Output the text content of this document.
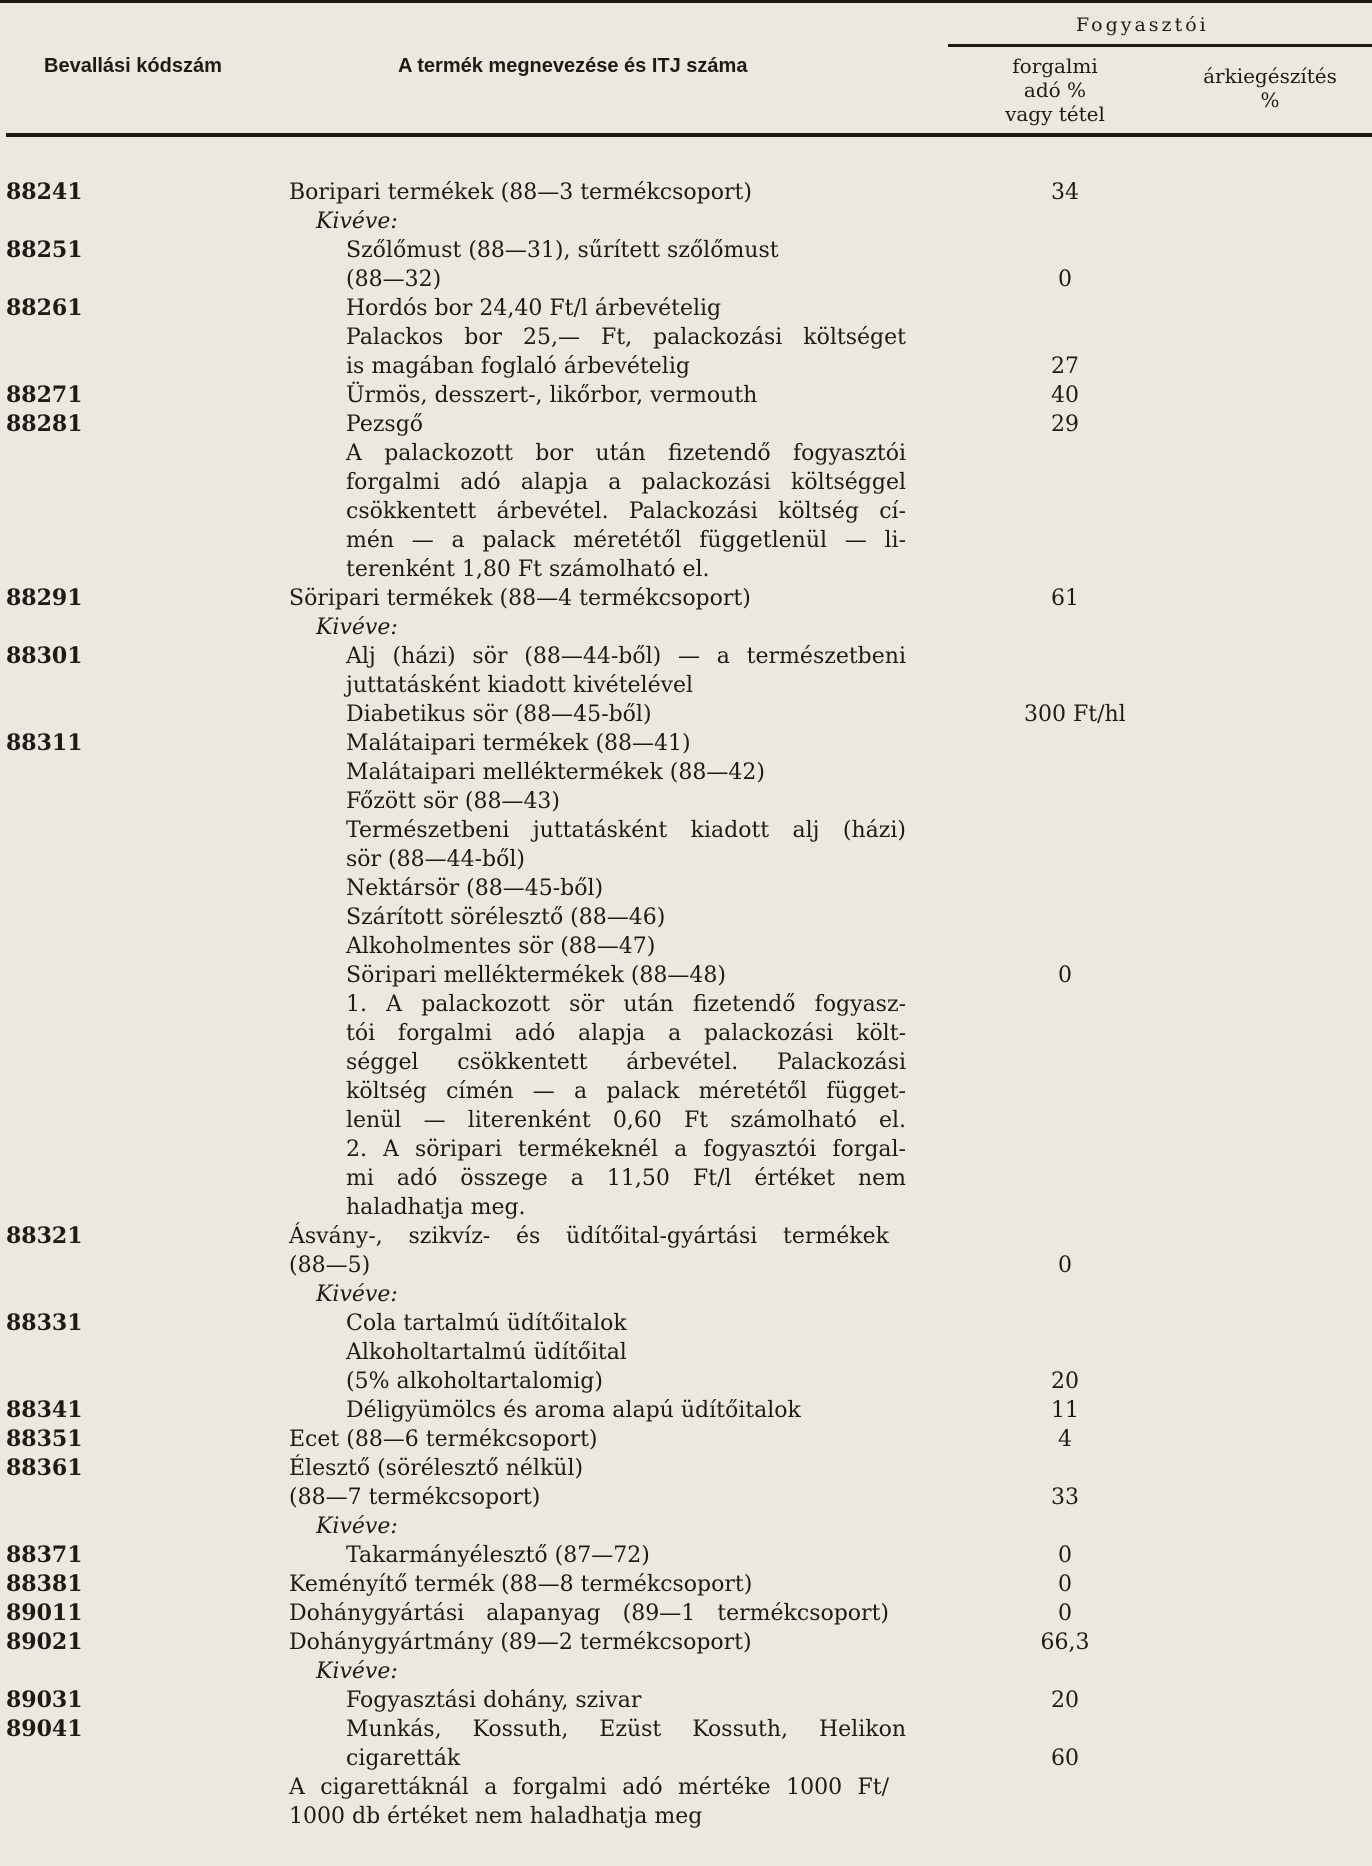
Bevallási kódszám	A termék megnevezése és ITJ száma
Fogyasztói
forgalmi
adó %
vagy tétel
árkiegészítés
%
88241	Boripari termékek (88—3 termékcsoport)	34
Kivéve:
88251	Szőlőmust (88—31), sűrített szőlőmust
(88—32)	0
88261	Hordós bor 24,40 Ft/l árbevételig
Palackos bor 25,— Ft, palackozási költséget
is magában foglaló árbevételig	27
88271	Ürmös, desszert-, likőrbor, vermouth	40
88281	Pezsgő	29
A palackozott bor után fizetendő fogyasztói
forgalmi adó alapja a palackozási költséggel
csökkentett árbevétel. Palackozási költség cí-
mén — a palack méretétől függetlenül — li-
terenként 1,80 Ft számolható el.
88291	Söripari termékek (88—4 termékcsoport)	61
Kivéve:
88301	Alj (házi) sör (88—44-ből) — a természetbeni
juttatásként kiadott kivételével
Diabetikus sör (88—45-ből)	300 Ft/hl
88311	Malátaipari termékek (88—41)
Malátaipari melléktermékek (88—42)
Főzött sör (88—43)
Természetbeni juttatásként kiadott alj (házi)
sör (88—44-ből)
Nektársör (88—45-ből)
Szárított sörélesztő (88—46)
Alkoholmentes sör (88—47)
Söripari melléktermékek (88—48)	0
1. A palackozott sör után fizetendő fogyasz-
tói forgalmi adó alapja a palackozási költ-
séggel csökkentett árbevétel. Palackozási
költség címén — a palack méretétől függet-
lenül — literenként 0,60 Ft számolható el.
2. A söripari termékeknél a fogyasztói forgal-
mi adó összege a 11,50 Ft/l értéket nem
haladhatja meg.
88321	Ásvány-, szikvíz- és üdítőital-gyártási termékek
(88—5)	0
Kivéve:
88331	Cola tartalmú üdítőitalok
Alkoholtartalmú üdítőital
(5% alkoholtartalomig)	20
88341	Déligyümölcs és aroma alapú üdítőitalok	11
88351	Ecet (88—6 termékcsoport)	4
88361	Élesztő (sörélesztő nélkül)
(88—7 termékcsoport)	33
Kivéve:
88371	Takarmányélesztő (87—72)	0
88381	Keményítő termék (88—8 termékcsoport)	0
89011	Dohánygyártási alapanyag (89—1 termékcsoport)	0
89021	Dohánygyártmány (89—2 termékcsoport)	66,3
Kivéve:
89031	Fogyasztási dohány, szivar	20
89041	Munkás, Kossuth, Ezüst Kossuth, Helikon
cigaretták	60
A cigarettáknál a forgalmi adó mértéke 1000 Ft/
1000 db értéket nem haladhatja meg
